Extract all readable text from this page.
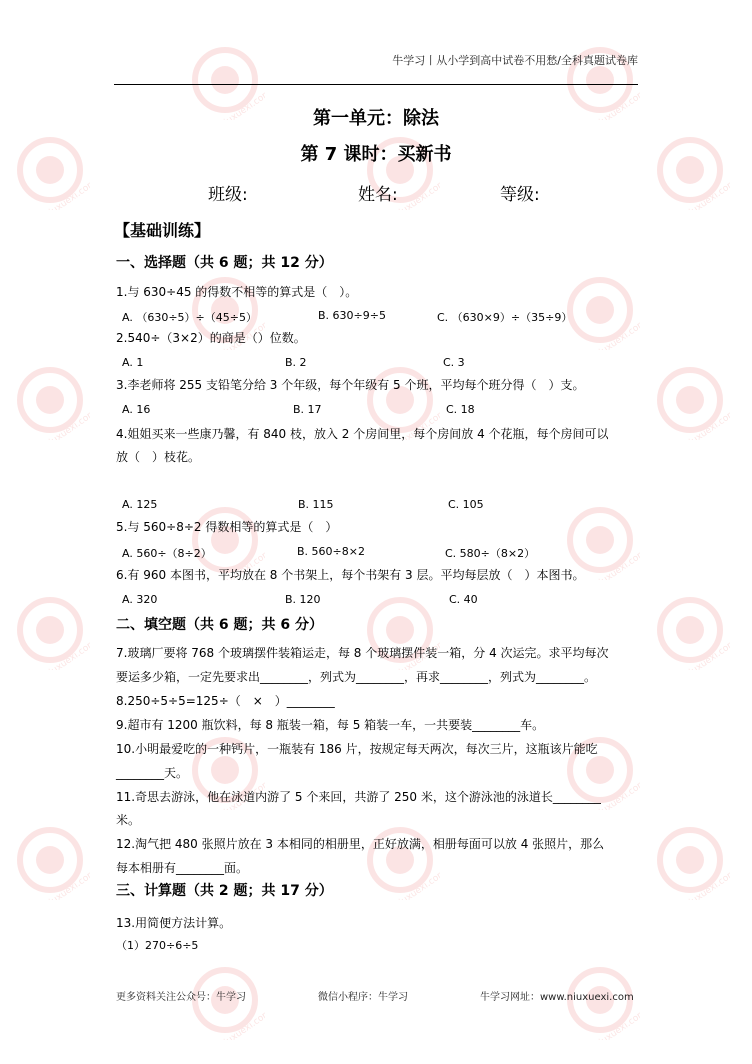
niuxuexi.com
niuxuexi.com
niuxuexi.com
niuxuexi.com
niuxuexi.com
niuxuexi.com
niuxuexi.com
niuxuexi.com
niuxuexi.com
niuxuexi.com
niuxuexi.com
niuxuexi.com
niuxuexi.com
niuxuexi.com
niuxuexi.com
niuxuexi.com
niuxuexi.com
niuxuexi.com
niuxuexi.com
niuxuexi.com
niuxuexi.com	niuxuexi.com
牛学习丨从小学到高中试卷不用愁/全科真题试卷库
第一单元：除法
第 7 课时：买新书
班级:	姓名:	等级:
【基础训练】
一、选择题（共 6 题；共 12 分）
1.与 630÷45 的得数不相等的算式是（　）。
A. （630÷5）÷（45÷5）	B. 630÷9÷5	C. （630×9）÷（35÷9）
2.540÷（3×2）的商是（）位数。
A. 1	B. 2	C. 3
3.李老师将 255 支铅笔分给 3 个年级，每个年级有 5 个班，平均每个班分得（　）支。
A. 16	B. 17	C. 18
4.姐姐买来一些康乃馨，有 840 枝，放入 2 个房间里，每个房间放 4 个花瓶，每个房间可以
放（　）枝花。
A. 125	B. 115	C. 105
5.与 560÷8÷2 得数相等的算式是（　）
A. 560÷（8÷2）	B. 560÷8×2	C. 580÷（8×2）
6.有 960 本图书，平均放在 8 个书架上，每个书架有 3 层。平均每层放（　）本图书。
A. 320	B. 120	C. 40
二、填空题（共 6 题；共 6 分）
7.玻璃厂要将 768 个玻璃摆件装箱运走，每 8 个玻璃摆件装一箱，分 4 次运完。求平均每次
要运多少箱，一定先要求出________，列式为________，再求________，列式为________。
8.250÷5÷5=125÷（　×　）________
9.超市有 1200 瓶饮料，每 8 瓶装一箱，每 5 箱装一车，一共要装________车。
10.小明最爱吃的一种钙片，一瓶装有 186 片，按规定每天两次，每次三片，这瓶该片能吃
________天。
11.奇思去游泳，他在泳道内游了 5 个来回，共游了 250 米，这个游泳池的泳道长________
米。
12.淘气把 480 张照片放在 3 本相同的相册里，正好放满，相册每面可以放 4 张照片，那么
每本相册有________面。
三、计算题（共 2 题；共 17 分）
13.用简便方法计算。
（1）270÷6÷5
更多资料关注公众号：牛学习	微信小程序：牛学习	牛学习网址：www.niuxuexi.com
